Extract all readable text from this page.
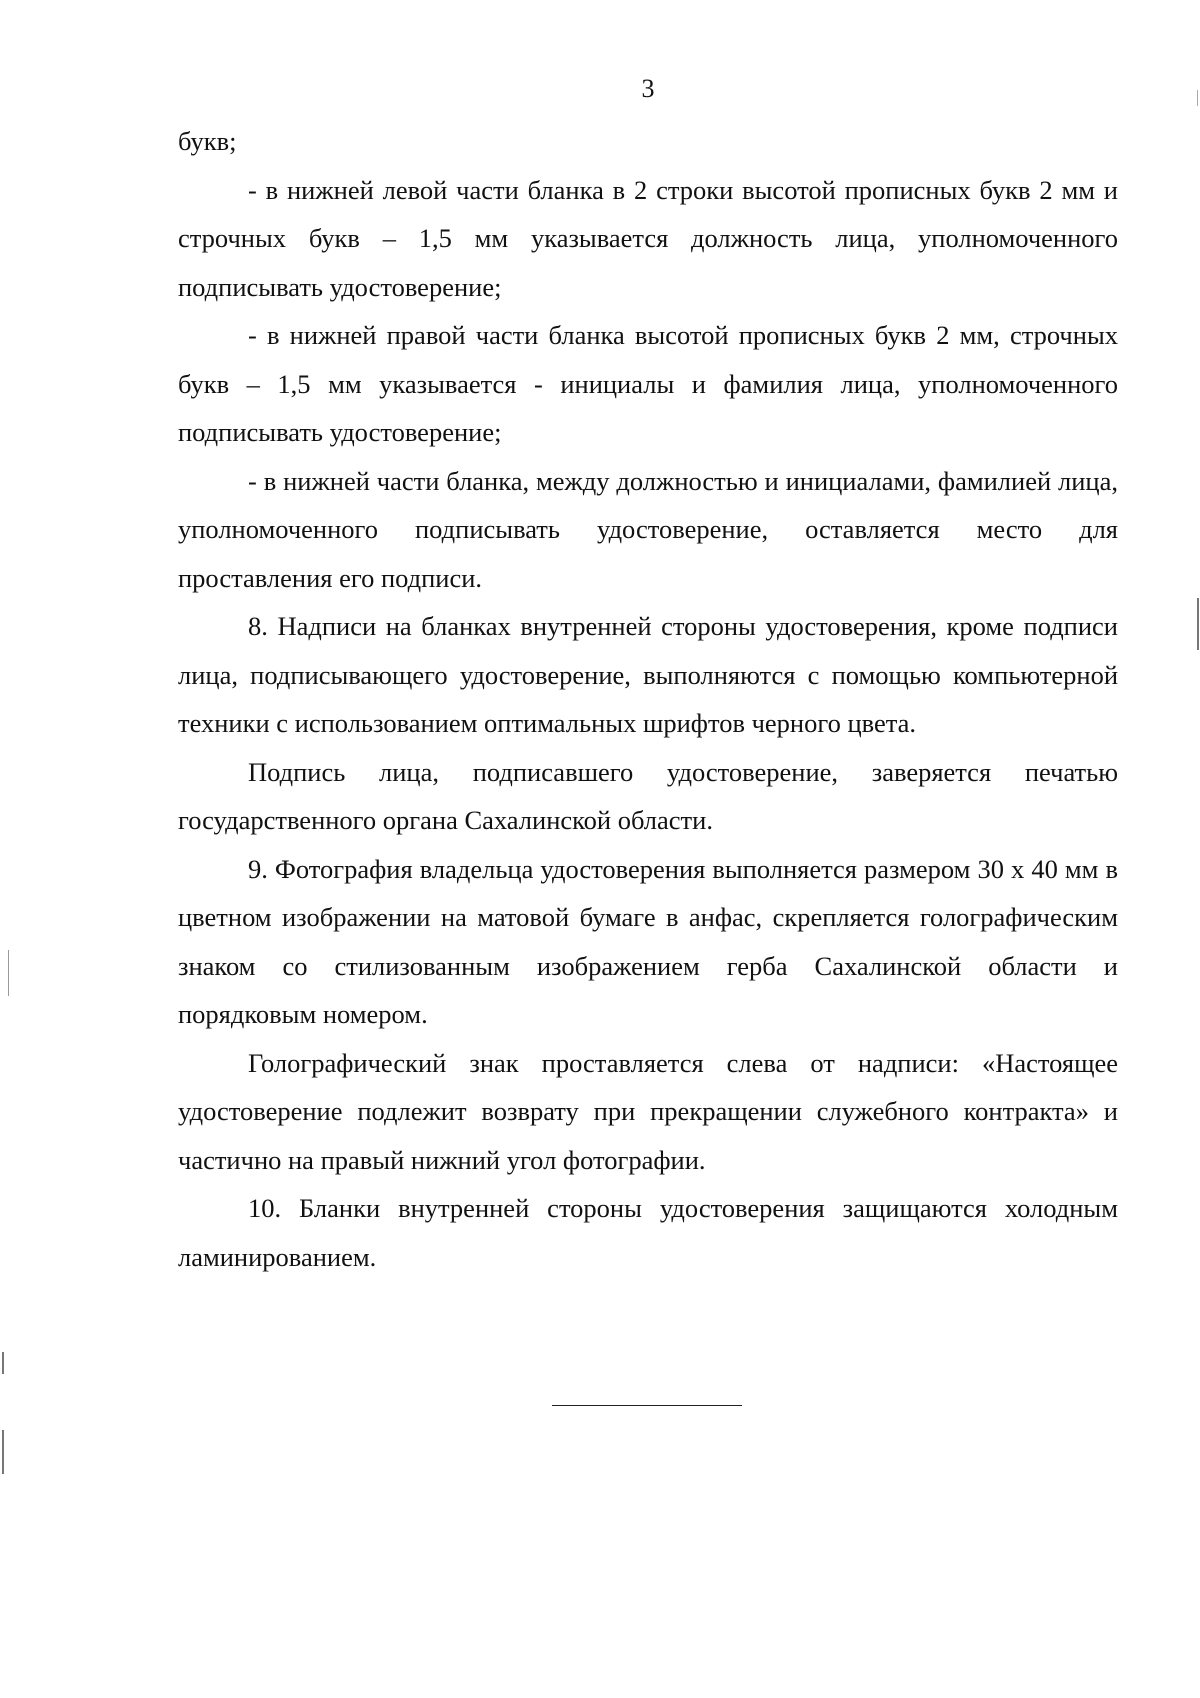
3

букв;

- в нижней левой части бланка в 2 строки высотой прописных букв 2 мм и строчных букв – 1,5 мм указывается должность лица, уполномоченного подписывать удостоверение;

- в нижней правой части бланка высотой прописных букв 2 мм, строчных букв – 1,5 мм указывается - инициалы и фамилия лица, уполномоченного подписывать удостоверение;

- в нижней части бланка, между должностью и инициалами, фамилией лица, уполномоченного подписывать удостоверение, оставляется место для проставления его подписи.

8. Надписи на бланках внутренней стороны удостоверения, кроме подписи лица, подписывающего удостоверение, выполняются с помощью компьютерной техники с использованием оптимальных шрифтов черного цвета.

Подпись лица, подписавшего удостоверение, заверяется печатью государственного органа Сахалинской области.

9. Фотография владельца удостоверения выполняется размером 30 x 40 мм в цветном изображении на матовой бумаге в анфас, скрепляется голографическим знаком со стилизованным изображением герба Сахалинской области и порядковым номером.

Голографический знак проставляется слева от надписи: «Настоящее удостоверение подлежит возврату при прекращении служебного контракта» и частично на правый нижний угол фотографии.

10. Бланки внутренней стороны удостоверения защищаются холодным ламинированием.
